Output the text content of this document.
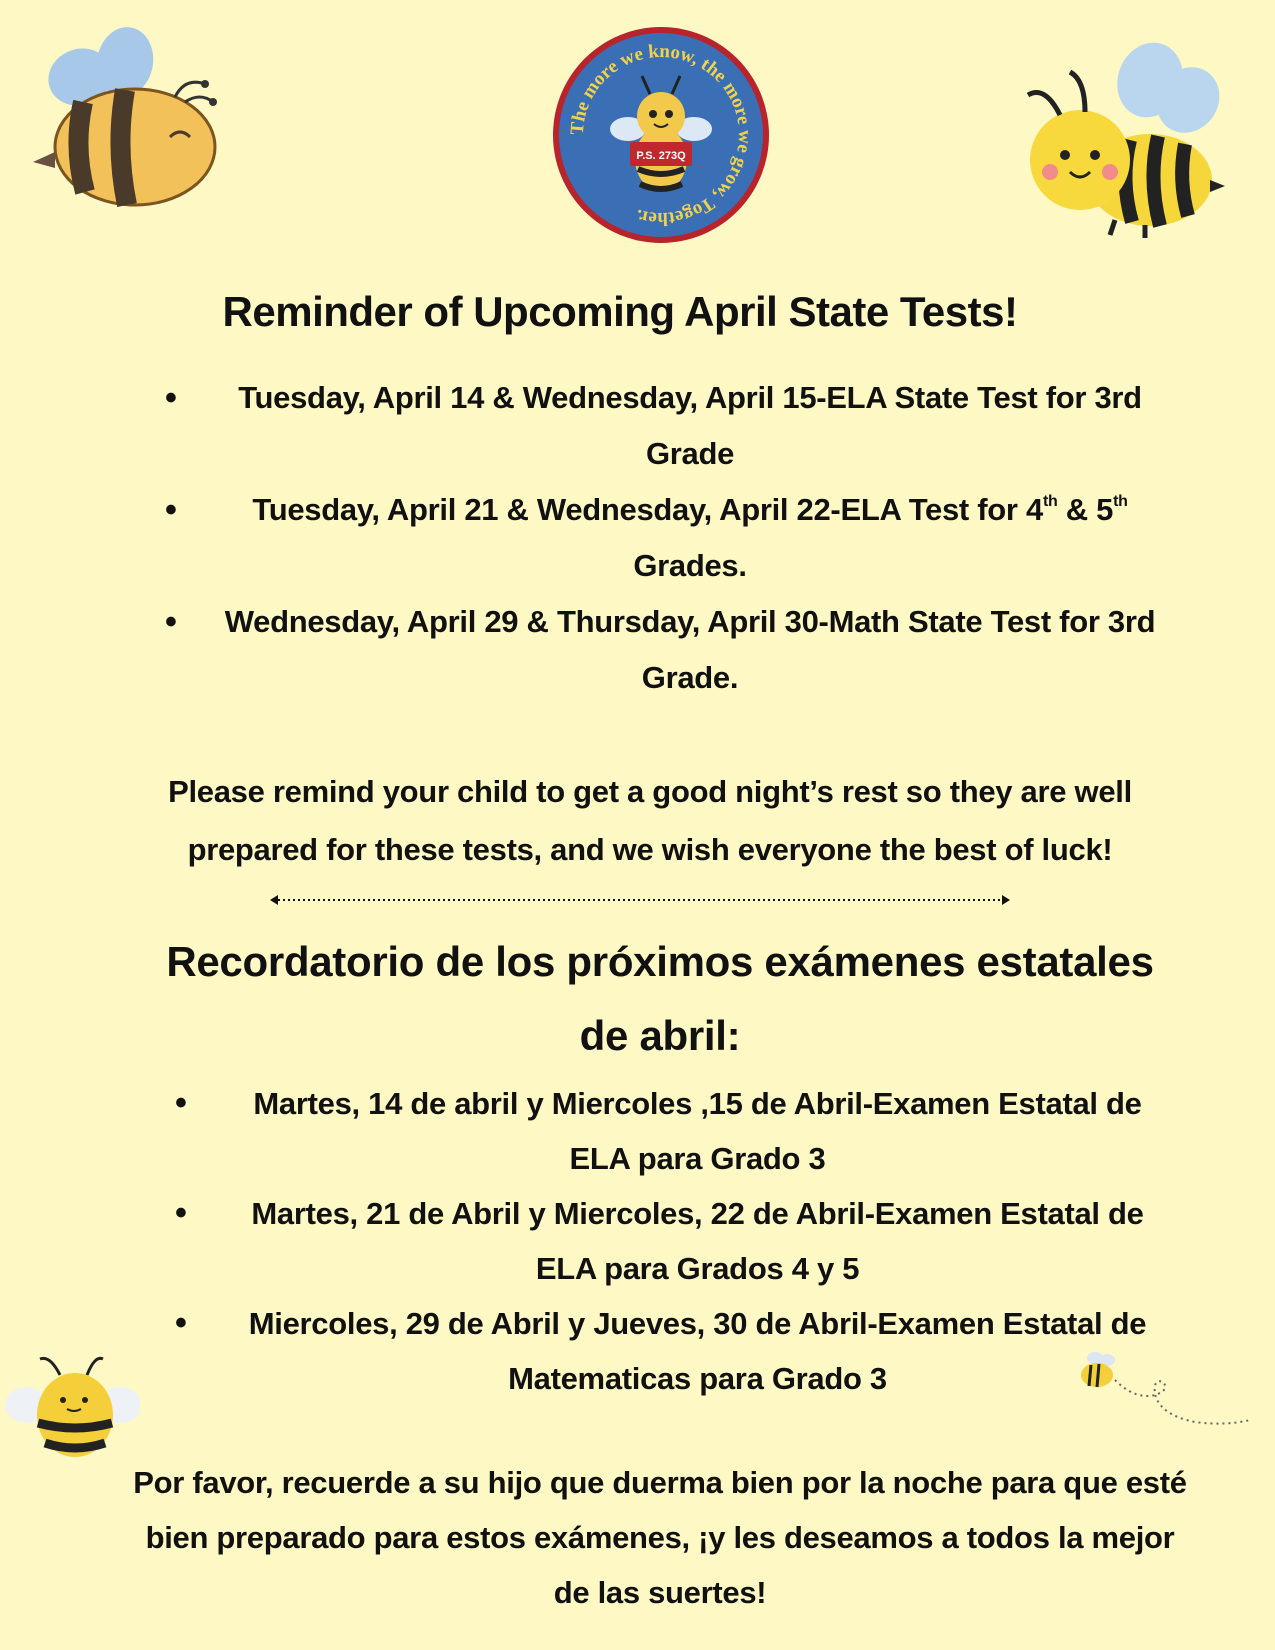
The more we know, the more we grow, Together.
P.S. 273Q
Reminder of Upcoming April State Tests!
• Tuesday, April 14 & Wednesday, April 15-ELA State Test for 3rd Grade
• Tuesday, April 21 & Wednesday, April 22-ELA Test for 4th & 5th Grades.
• Wednesday, April 29 & Thursday, April 30-Math State Test for 3rd Grade.

Please remind your child to get a good night’s rest so they are well prepared for these tests, and we wish everyone the best of luck!

Recordatorio de los próximos exámenes estatales de abril:
• Martes, 14 de abril y Miercoles ,15 de Abril-Examen Estatal de ELA para Grado 3
• Martes, 21 de Abril y Miercoles, 22 de Abril-Examen Estatal de ELA para Grados 4 y 5
• Miercoles, 29 de Abril y Jueves, 30 de Abril-Examen Estatal de Matematicas para Grado 3

Por favor, recuerde a su hijo que duerma bien por la noche para que esté bien preparado para estos exámenes, ¡y les deseamos a todos la mejor de las suertes!
